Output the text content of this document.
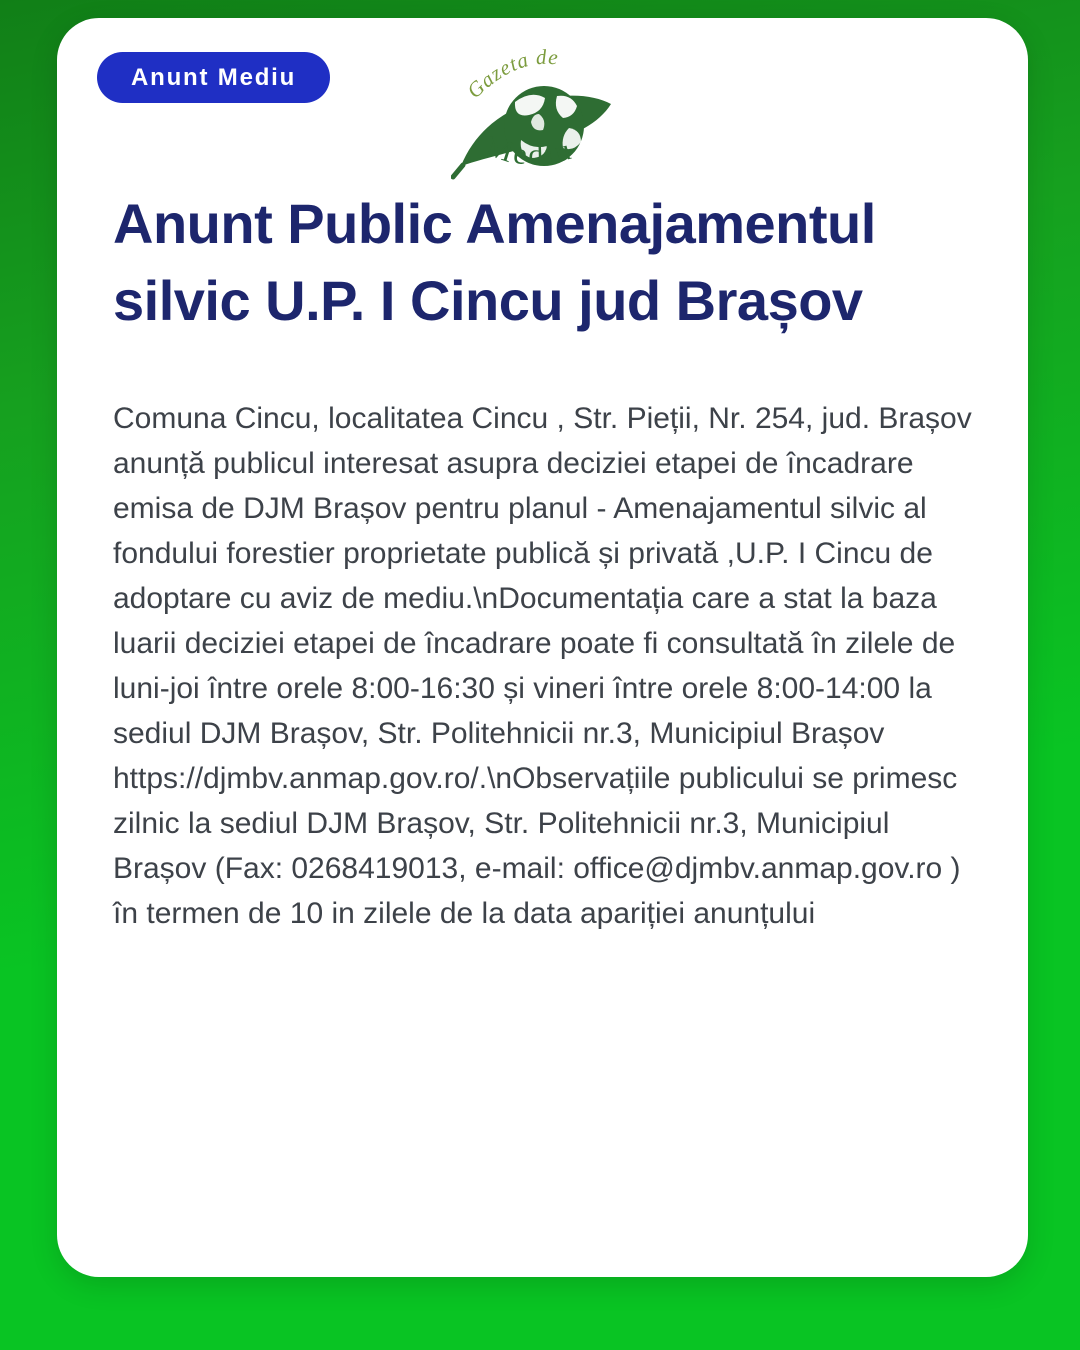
Anunt Mediu	Gazeta de
Mediu
Anunt Public Amenajamentul silvic U.P. I Cincu jud Brașov

Comuna Cincu, localitatea Cincu , Str. Pieții, Nr. 254, jud. Brașov anunță publicul interesat asupra deciziei etapei de încadrare emisa de DJM Brașov pentru planul - Amenajamentul silvic al fondului forestier proprietate publică și privată ,U.P. I Cincu de adoptare cu aviz de mediu.\nDocumentația care a stat la baza luarii deciziei etapei de încadrare poate fi consultată în zilele de luni-joi între orele 8:00-16:30 și vineri între orele 8:00-14:00 la sediul DJM Brașov, Str. Politehnicii nr.3, Municipiul Brașov https://djmbv.anmap.gov.ro/.\nObservațiile publicului se primesc zilnic la sediul DJM Brașov, Str. Politehnicii nr.3, Municipiul Brașov (Fax: 0268419013, e-mail: office@djmbv.anmap.gov.ro ) în termen de 10 in zilele de la data apariției anunțului
